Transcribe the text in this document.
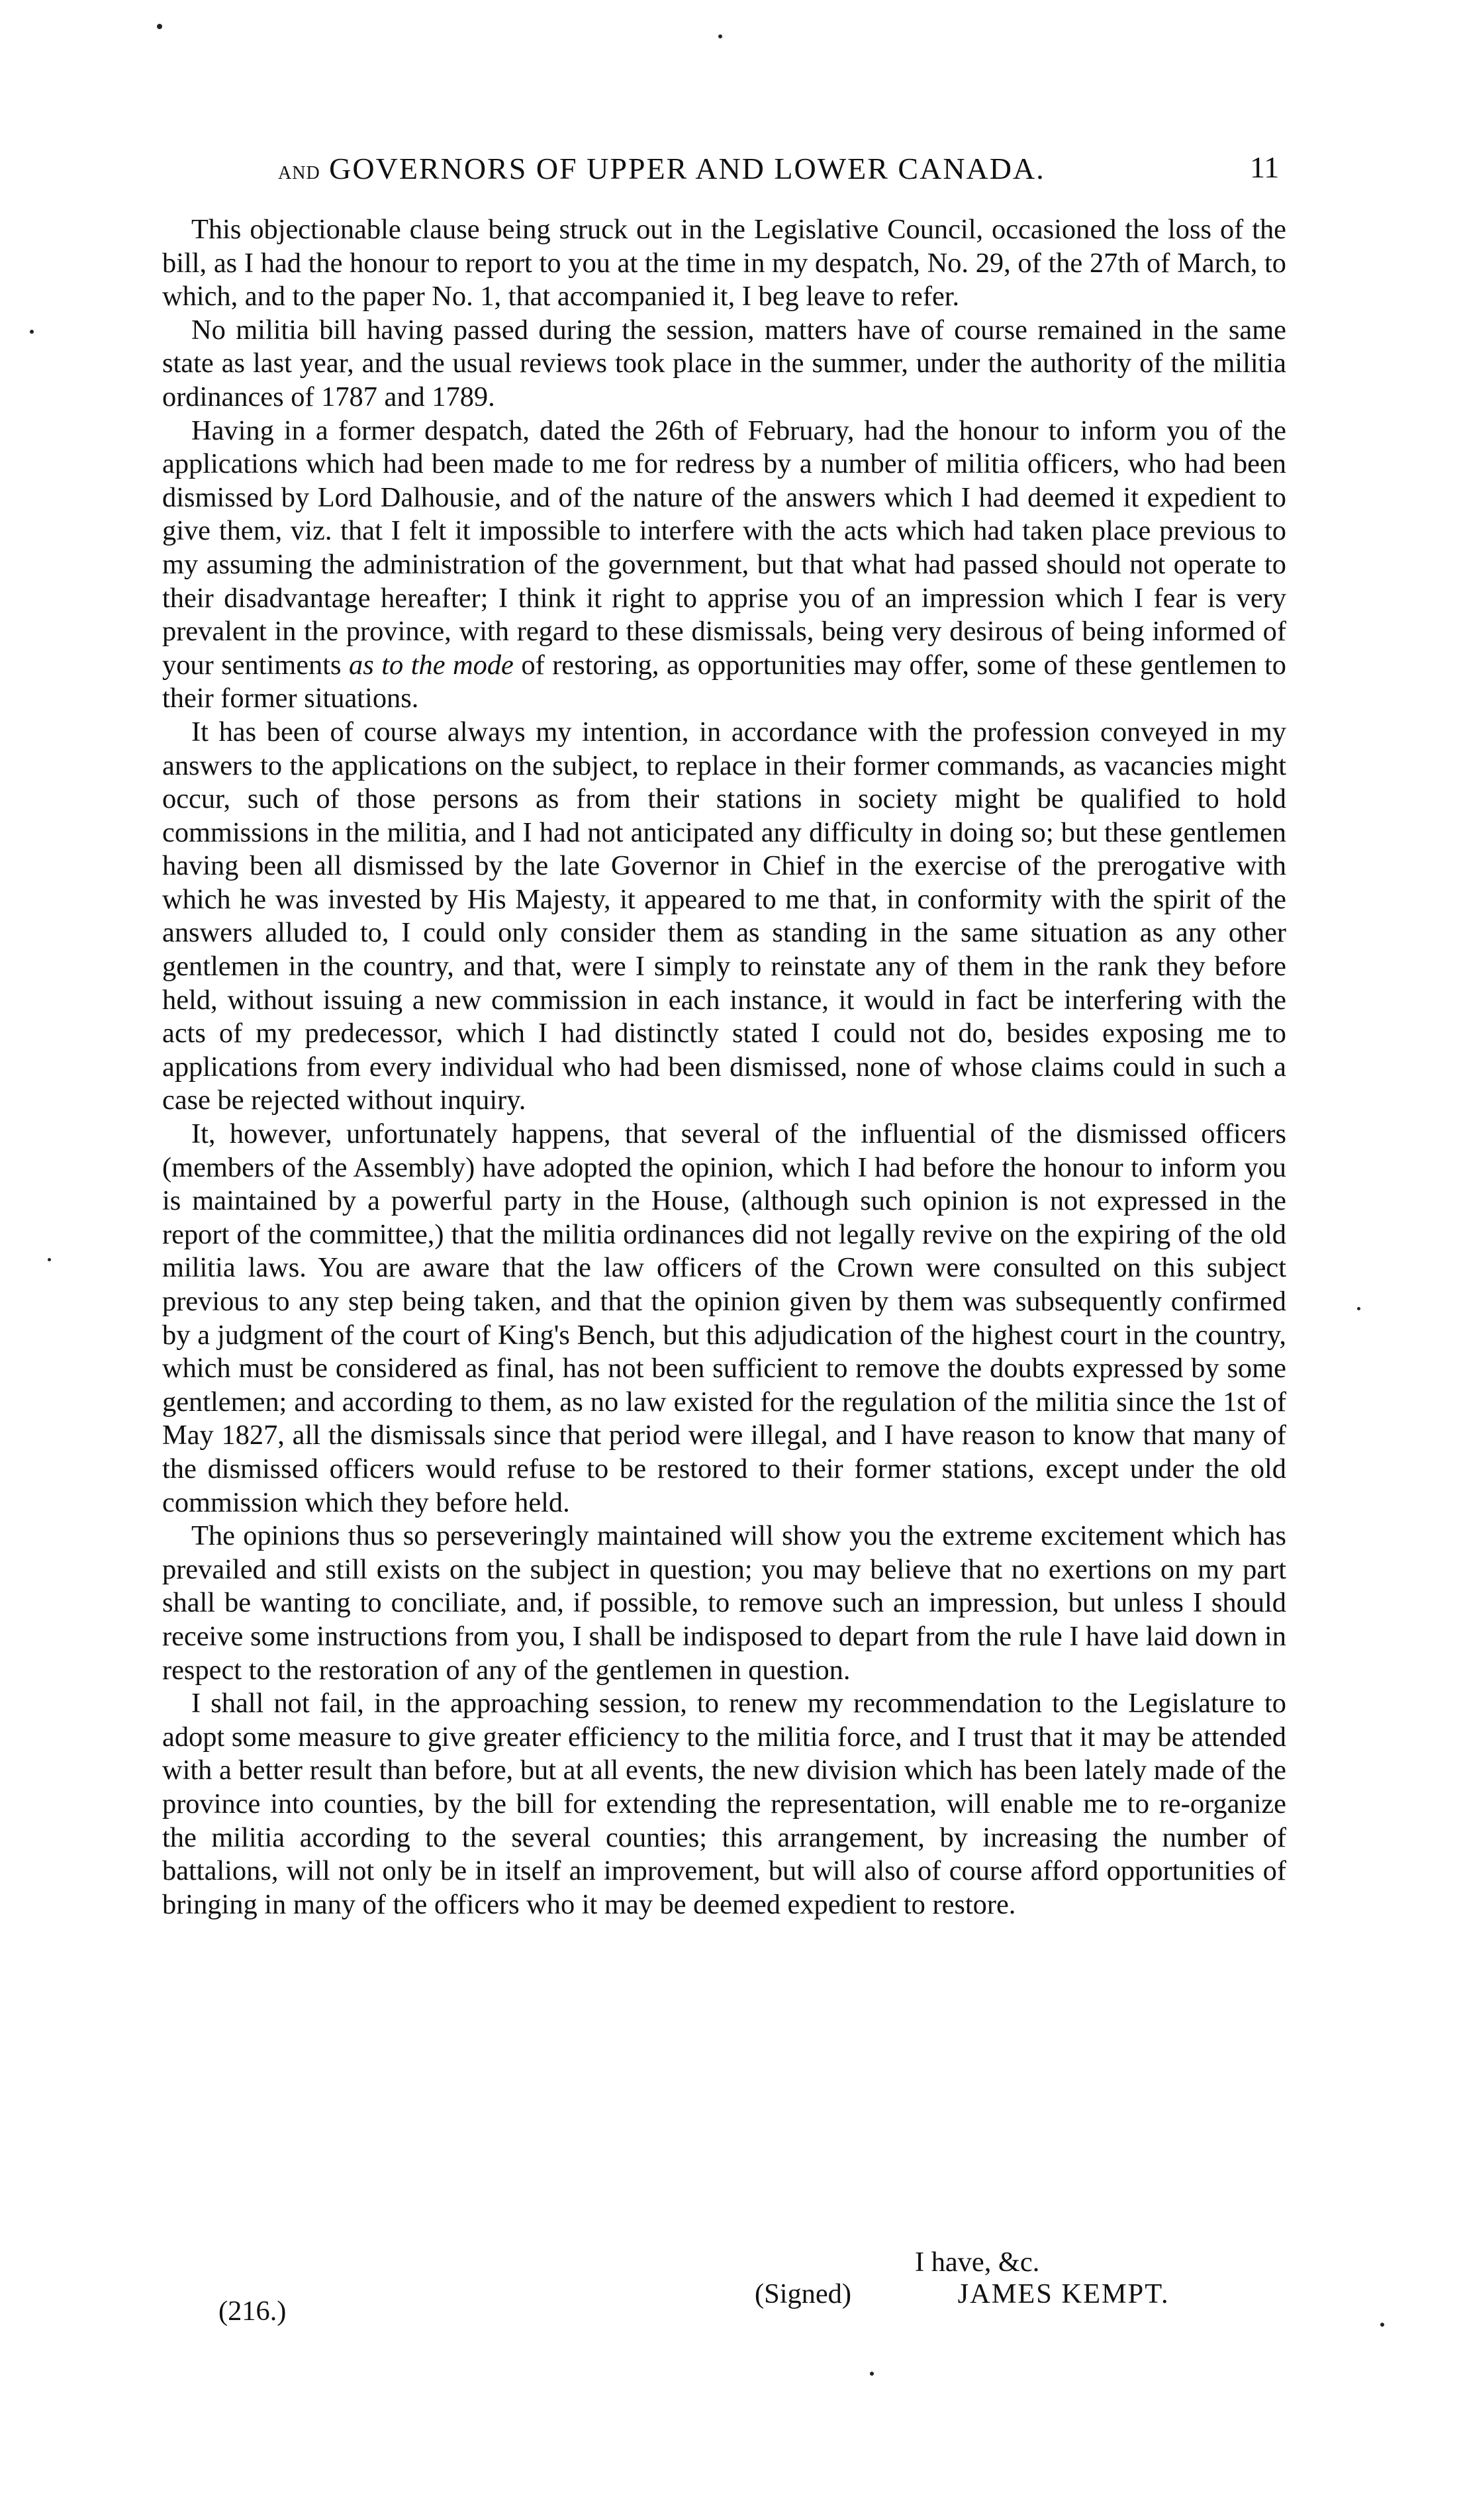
AND GOVERNORS OF UPPER AND LOWER CANADA.	11

This objectionable clause being struck out in the Legislative Council, occasioned the loss of the bill, as I had the honour to report to you at the time in my despatch, No. 29, of the 27th of March, to which, and to the paper No. 1, that accompanied it, I beg leave to refer.

No militia bill having passed during the session, matters have of course remained in the same state as last year, and the usual reviews took place in the summer, under the authority of the militia ordinances of 1787 and 1789.

Having in a former despatch, dated the 26th of February, had the honour to inform you of the applications which had been made to me for redress by a number of militia officers, who had been dismissed by Lord Dalhousie, and of the nature of the answers which I had deemed it expedient to give them, viz. that I felt it impossible to interfere with the acts which had taken place previous to my assuming the administration of the government, but that what had passed should not operate to their disadvantage hereafter; I think it right to apprise you of an impression which I fear is very prevalent in the province, with regard to these dismissals, being very desirous of being informed of your sentiments as to the mode of restoring, as opportunities may offer, some of these gentlemen to their former situations.

It has been of course always my intention, in accordance with the profession conveyed in my answers to the applications on the subject, to replace in their former commands, as vacancies might occur, such of those persons as from their stations in society might be qualified to hold commissions in the militia, and I had not anticipated any difficulty in doing so; but these gentlemen having been all dismissed by the late Governor in Chief in the exercise of the prerogative with which he was invested by His Majesty, it appeared to me that, in conformity with the spirit of the answers alluded to, I could only consider them as standing in the same situation as any other gentlemen in the country, and that, were I simply to reinstate any of them in the rank they before held, without issuing a new commission in each instance, it would in fact be interfering with the acts of my predecessor, which I had distinctly stated I could not do, besides exposing me to applications from every individual who had been dismissed, none of whose claims could in such a case be rejected without inquiry.

It, however, unfortunately happens, that several of the influential of the dismissed officers (members of the Assembly) have adopted the opinion, which I had before the honour to inform you is maintained by a powerful party in the House, (although such opinion is not expressed in the report of the committee,) that the militia ordinances did not legally revive on the expiring of the old militia laws. You are aware that the law officers of the Crown were consulted on this subject previous to any step being taken, and that the opinion given by them was subsequently confirmed by a judgment of the court of King's Bench, but this adjudication of the highest court in the country, which must be considered as final, has not been sufficient to remove the doubts expressed by some gentlemen; and according to them, as no law existed for the regulation of the militia since the 1st of May 1827, all the dismissals since that period were illegal, and I have reason to know that many of the dismissed officers would refuse to be restored to their former stations, except under the old commission which they before held.

The opinions thus so perseveringly maintained will show you the extreme excitement which has prevailed and still exists on the subject in question; you may believe that no exertions on my part shall be wanting to conciliate, and, if possible, to remove such an impression, but unless I should receive some instructions from you, I shall be indisposed to depart from the rule I have laid down in respect to the restoration of any of the gentlemen in question.

I shall not fail, in the approaching session, to renew my recommendation to the Legislature to adopt some measure to give greater efficiency to the militia force, and I trust that it may be attended with a better result than before, but at all events, the new division which has been lately made of the province into counties, by the bill for extending the representation, will enable me to re-organize the militia according to the several counties; this arrangement, by increasing the number of battalions, will not only be in itself an improvement, but will also of course afford opportunities of bringing in many of the officers who it may be deemed expedient to restore.

I have, &c.
(Signed)	JAMES KEMPT.
(216.)
